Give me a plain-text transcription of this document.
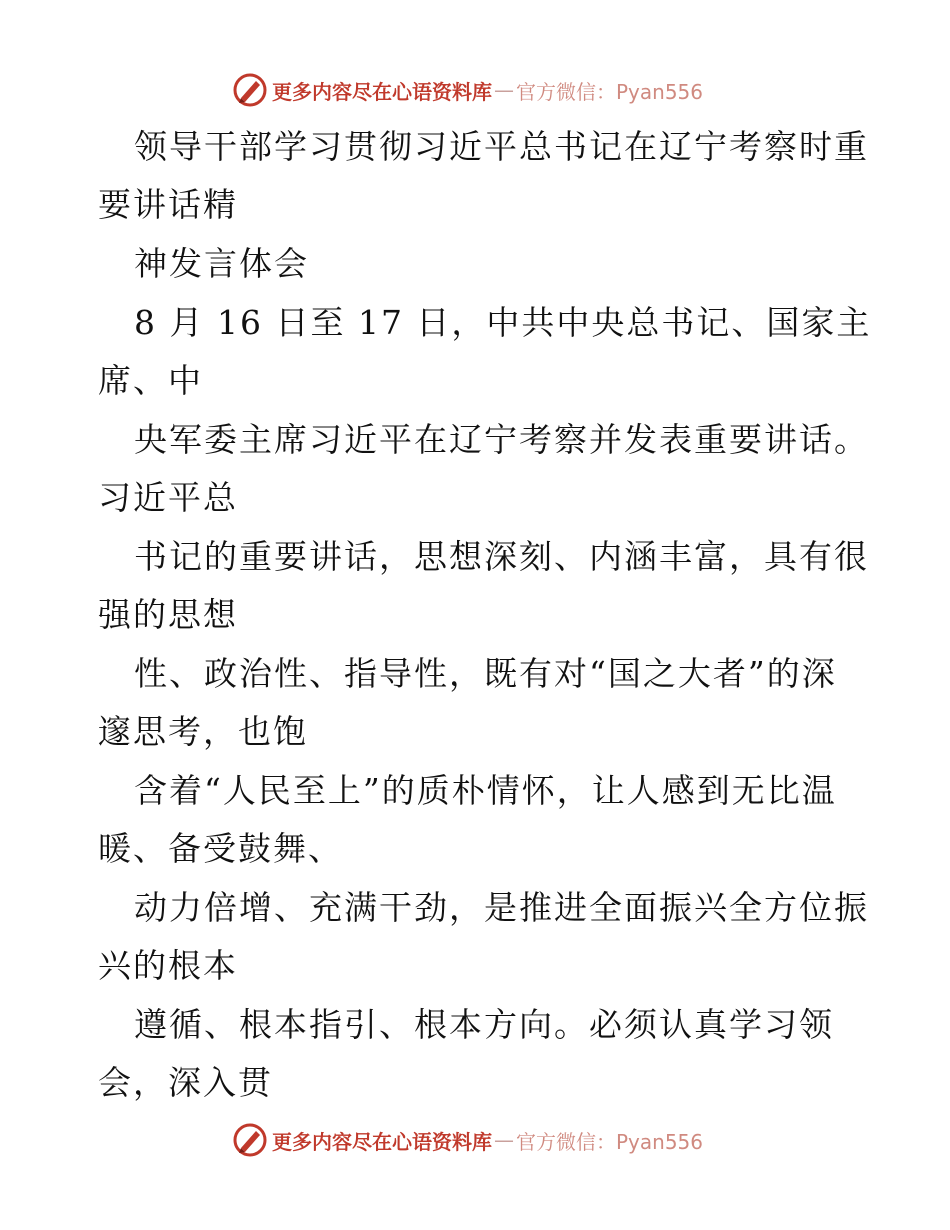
更多内容尽在心语资料库 — 官方微信：Pyan556
领导干部学习贯彻习近平总书记在辽宁考察时重
要讲话精
神发言体会
8 月 16 日至 17 日，中共中央总书记、国家主
席、中
央军委主席习近平在辽宁考察并发表重要讲话。
习近平总
书记的重要讲话，思想深刻、内涵丰富，具有很
强的思想
性、政治性、指导性，既有对“国之大者”的深
邃思考，也饱
含着“人民至上”的质朴情怀，让人感到无比温
暖、备受鼓舞、
动力倍增、充满干劲，是推进全面振兴全方位振
兴的根本
遵循、根本指引、根本方向。必须认真学习领
会，深入贯
更多内容尽在心语资料库 — 官方微信：Pyan556
